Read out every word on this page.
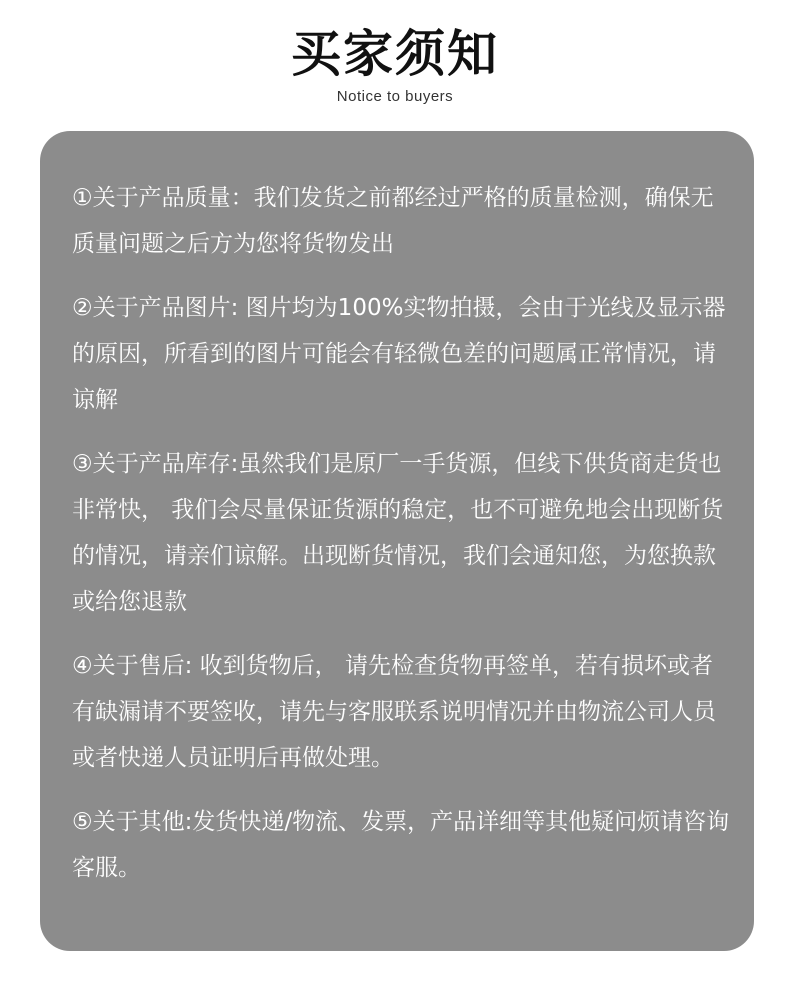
买家须知
Notice to buyers

①关于产品质量：我们发货之前都经过严格的质量检测，确保无质量问题之后方为您将货物发出

②关于产品图片: 图片均为100%实物拍摄，会由于光线及显示器的原因，所看到的图片可能会有轻微色差的问题属正常情况，请谅解

③关于产品库存:虽然我们是原厂一手货源，但线下供货商走货也非常快， 我们会尽量保证货源的稳定，也不可避免地会出现断货的情况，请亲们谅解。出现断货情况，我们会通知您，为您换款或给您退款

④关于售后: 收到货物后， 请先检查货物再签单，若有损坏或者有缺漏请不要签收，请先与客服联系说明情况并由物流公司人员或者快递人员证明后再做处理。

⑤关于其他:发货快递/物流、发票，产品详细等其他疑问烦请咨询客服。
